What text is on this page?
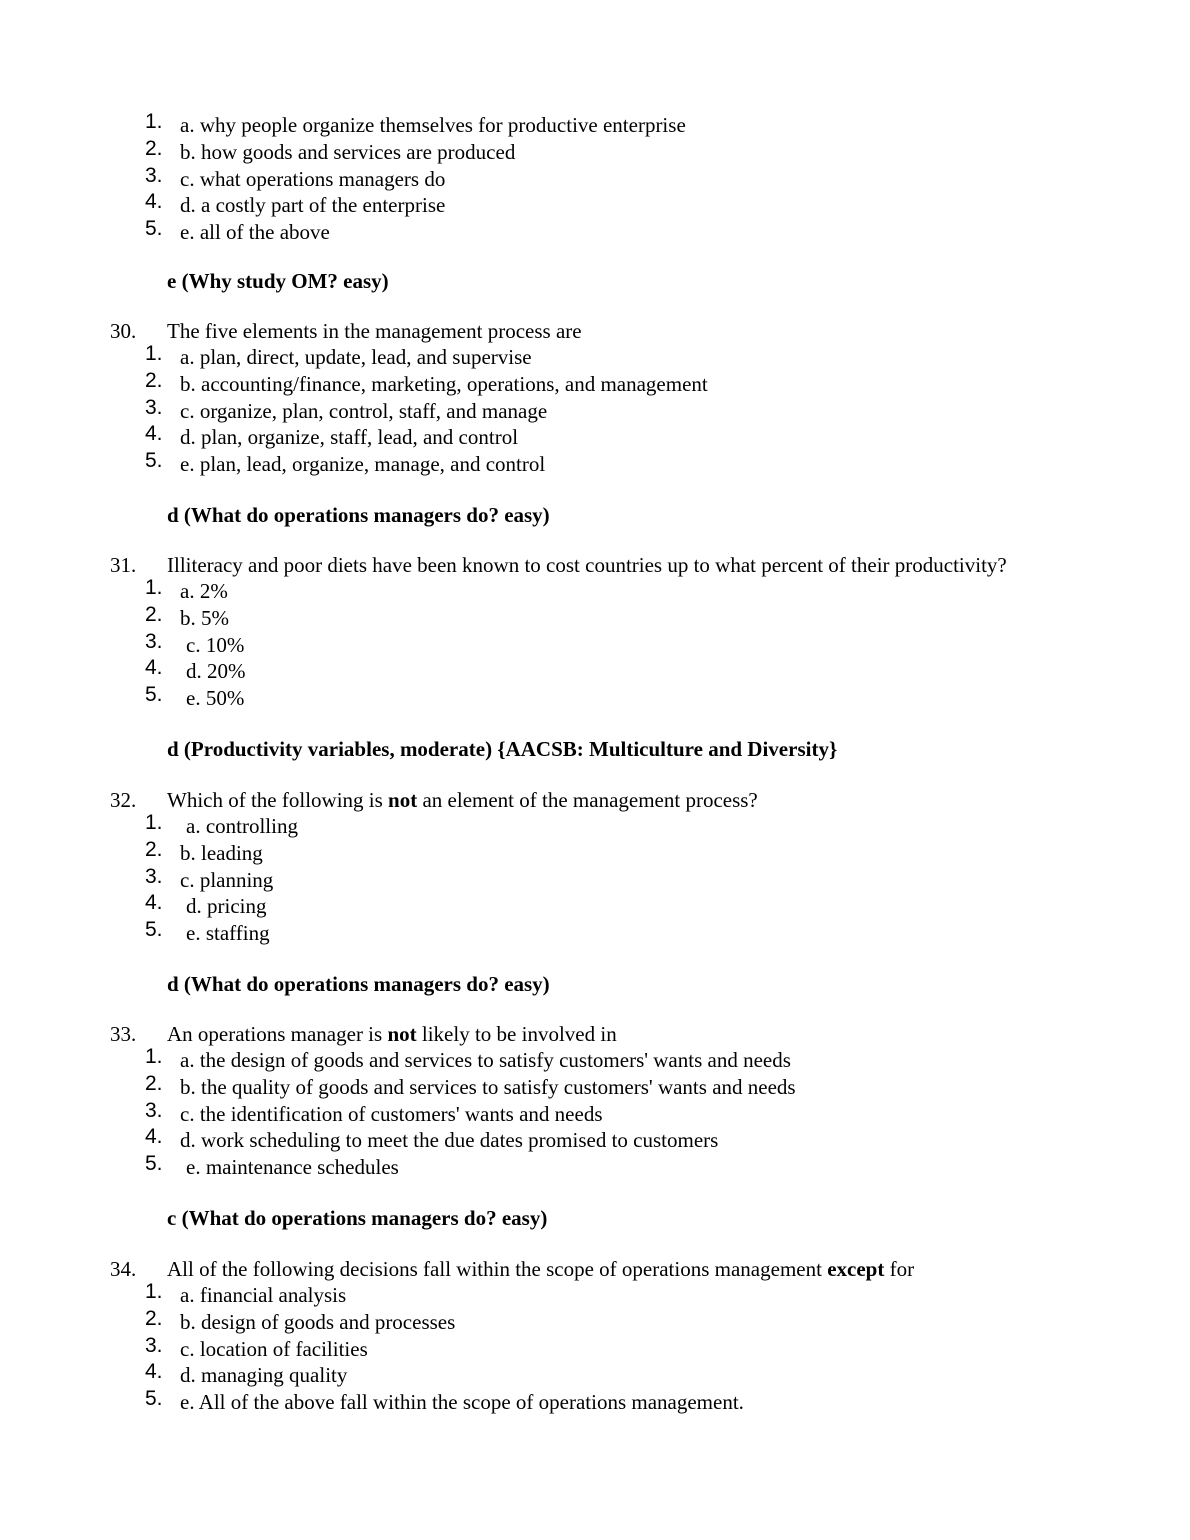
1. a. why people organize themselves for productive enterprise
2. b. how goods and services are produced
3. c. what operations managers do
4. d. a costly part of the enterprise
5. e. all of the above
e (Why study OM? easy)
30. The five elements in the management process are
1. a. plan, direct, update, lead, and supervise
2. b. accounting/finance, marketing, operations, and management
3. c. organize, plan, control, staff, and manage
4. d. plan, organize, staff, lead, and control
5. e. plan, lead, organize, manage, and control
d (What do operations managers do? easy)
31. Illiteracy and poor diets have been known to cost countries up to what percent of their productivity?
1. a. 2%
2. b. 5%
3. c. 10%
4. d. 20%
5. e. 50%
d (Productivity variables, moderate) {AACSB: Multiculture and Diversity}
32. Which of the following is not an element of the management process?
1. a. controlling
2. b. leading
3. c. planning
4. d. pricing
5. e. staffing
d (What do operations managers do? easy)
33. An operations manager is not likely to be involved in
1. a. the design of goods and services to satisfy customers' wants and needs
2. b. the quality of goods and services to satisfy customers' wants and needs
3. c. the identification of customers' wants and needs
4. d. work scheduling to meet the due dates promised to customers
5. e. maintenance schedules
c (What do operations managers do? easy)
34. All of the following decisions fall within the scope of operations management except for
1. a. financial analysis
2. b. design of goods and processes
3. c. location of facilities
4. d. managing quality
5. e. All of the above fall within the scope of operations management.
